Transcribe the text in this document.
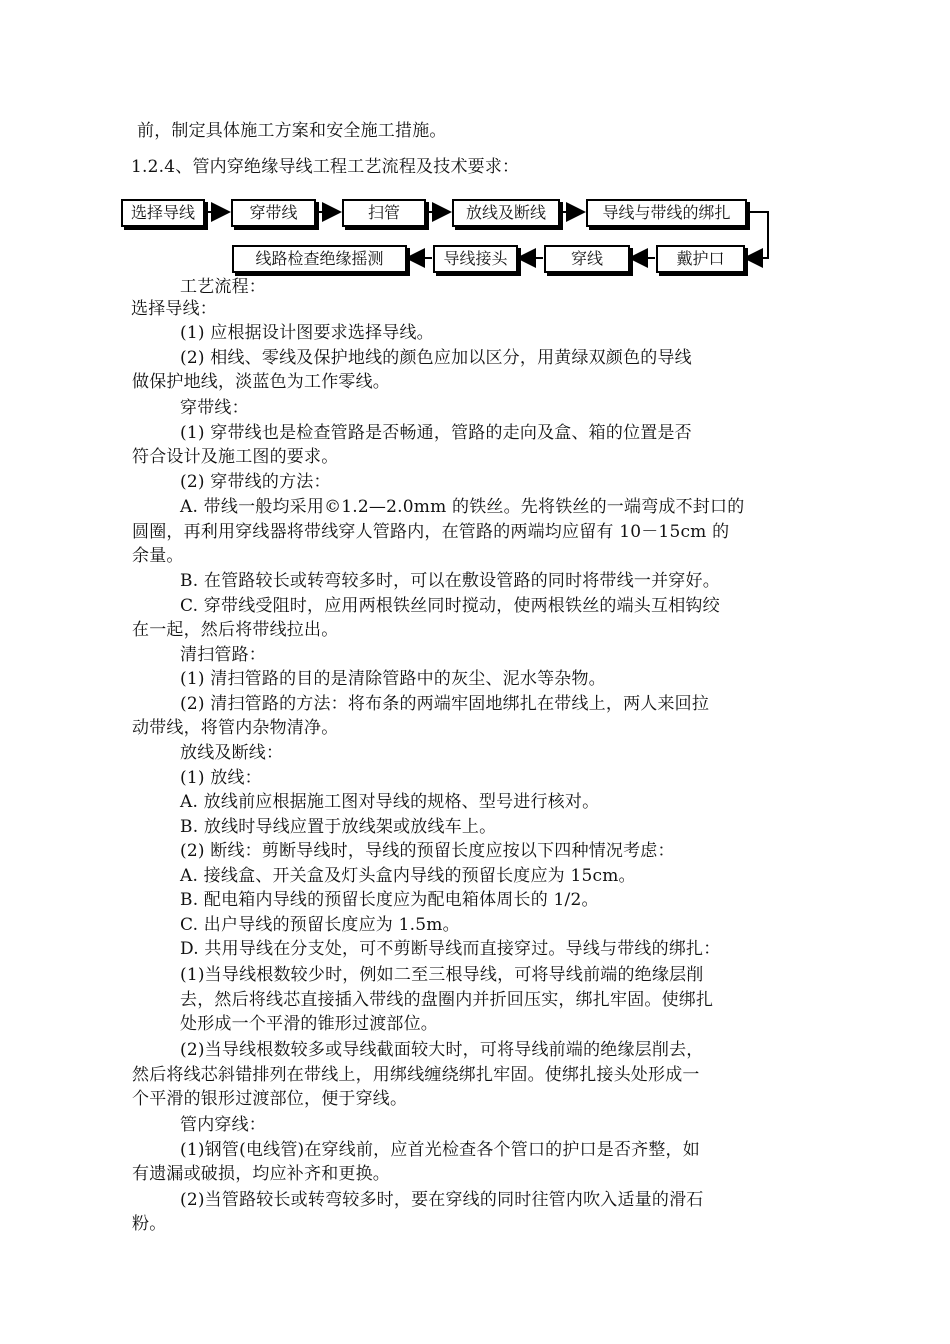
前，制定具体施工方案和安全施工措施。
1.2.4、管内穿绝缘导线工程工艺流程及技术要求：
选择导线	穿带线	扫管	放线及断线	导线与带线的绑扎
线路检查绝缘摇测	导线接头	穿线	戴护口
工艺流程：
选择导线：
(1) 应根据设计图要求选择导线。
(2) 相线、零线及保护地线的颜色应加以区分，用黄绿双颜色的导线
做保护地线，淡蓝色为工作零线。
穿带线：
(1) 穿带线也是检查管路是否畅通，管路的走向及盒、箱的位置是否
符合设计及施工图的要求。
(2) 穿带线的方法：
A. 带线一般均采用©1.2—2.0mm 的铁丝。先将铁丝的一端弯成不封口的
圆圈，再利用穿线器将带线穿人管路内，在管路的两端均应留有 10－15cm 的
余量。
B. 在管路较长或转弯较多时，可以在敷设管路的同时将带线一并穿好。
C. 穿带线受阻时，应用两根铁丝同时搅动，使两根铁丝的端头互相钩绞
在一起，然后将带线拉出。
清扫管路：
(1) 清扫管路的目的是清除管路中的灰尘、泥水等杂物。
(2) 清扫管路的方法：将布条的两端牢固地绑扎在带线上，两人来回拉
动带线，将管内杂物清净。
放线及断线：
(1) 放线：
A. 放线前应根据施工图对导线的规格、型号进行核对。
B. 放线时导线应置于放线架或放线车上。
(2) 断线：剪断导线时，导线的预留长度应按以下四种情况考虑：
A. 接线盒、开关盒及灯头盒内导线的预留长度应为 15cm。
B. 配电箱内导线的预留长度应为配电箱体周长的 1/2。
C. 出户导线的预留长度应为 1.5m。
D. 共用导线在分支处，可不剪断导线而直接穿过。导线与带线的绑扎：
(1)当导线根数较少时，例如二至三根导线，可将导线前端的绝缘层削
去，然后将线芯直接插入带线的盘圈内并折回压实，绑扎牢固。使绑扎
处形成一个平滑的锥形过渡部位。
(2)当导线根数较多或导线截面较大时，可将导线前端的绝缘层削去，
然后将线芯斜错排列在带线上，用绑线缠绕绑扎牢固。使绑扎接头处形成一
个平滑的银形过渡部位，便于穿线。
管内穿线：
(1)钢管(电线管)在穿线前，应首光检查各个管口的护口是否齐整，如
有遗漏或破损，均应补齐和更换。
(2)当管路较长或转弯较多时，要在穿线的同时往管内吹入适量的滑石
粉。
